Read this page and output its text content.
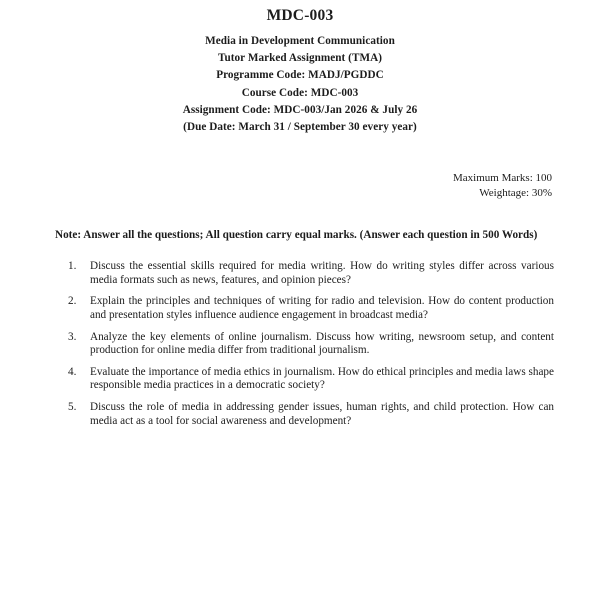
MDC-003
Media in Development Communication
Tutor Marked Assignment (TMA)
Programme Code: MADJ/PGDDC
Course Code: MDC-003
Assignment Code: MDC-003/Jan 2026 & July 26
(Due Date: March 31 / September 30 every year)
Maximum Marks: 100
Weightage: 30%

Note: Answer all the questions; All question carry equal marks. (Answer each question in 500 Words)

1.	Discuss the essential skills required for media writing. How do writing styles differ across various media formats such as news, features, and opinion pieces?
2.	Explain the principles and techniques of writing for radio and television. How do content production and presentation styles influence audience engagement in broadcast media?
3.	Analyze the key elements of online journalism. Discuss how writing, newsroom setup, and content production for online media differ from traditional journalism.
4.	Evaluate the importance of media ethics in journalism. How do ethical principles and media laws shape responsible media practices in a democratic society?
5.	Discuss the role of media in addressing gender issues, human rights, and child protection. How can media act as a tool for social awareness and development?
